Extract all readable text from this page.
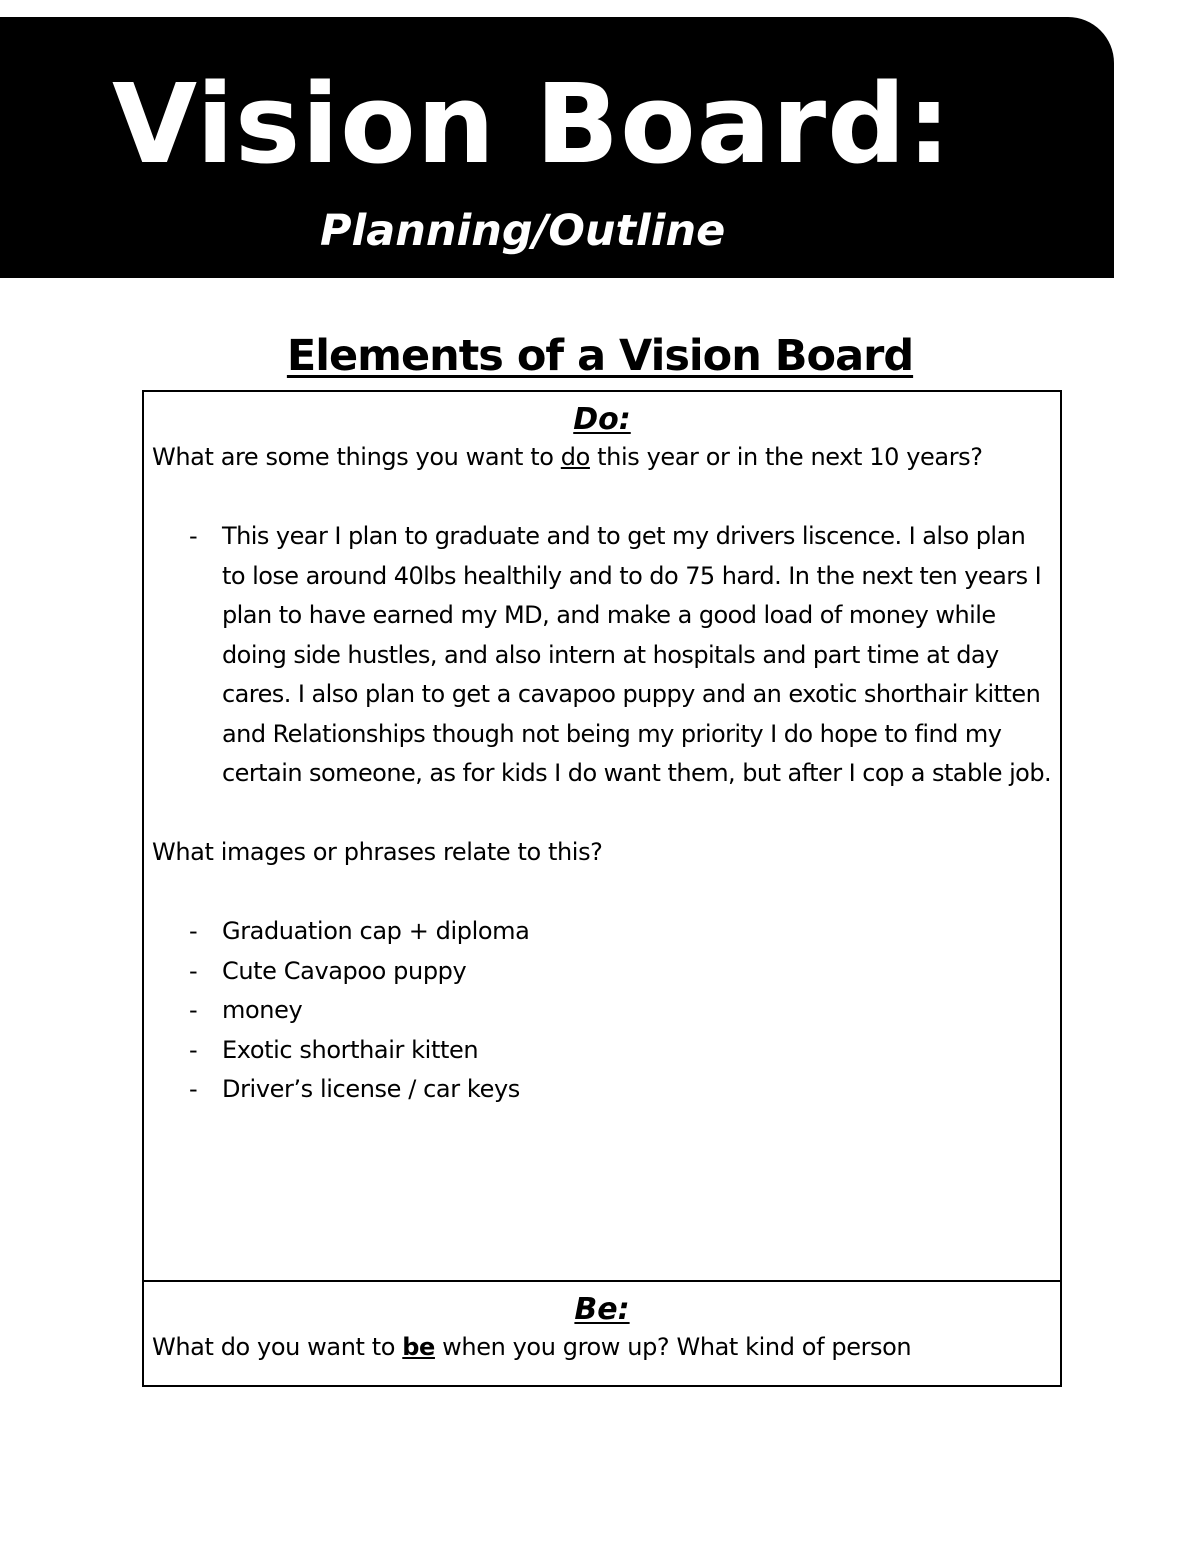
Vision Board:
Planning/Outline
Elements of a Vision Board
Do:

What are some things you want to do this year or in the next 10 years?

- This year I plan to graduate and to get my drivers liscence. I also plan to lose around 40lbs healthily and to do 75 hard. In the next ten years I plan to have earned my MD, and make a good load of money while doing side hustles, and also intern at hospitals and part time at day cares. I also plan to get a cavapoo puppy and an exotic shorthair kitten and Relationships though not being my priority I do hope to find my certain someone, as for kids I do want them, but after I cop a stable job.

What images or phrases relate to this?

- Graduation cap + diploma
- Cute Cavapoo puppy
- money
- Exotic shorthair kitten
- Driver’s license / car keys
Be:

What do you want to be when you grow up? What kind of person
